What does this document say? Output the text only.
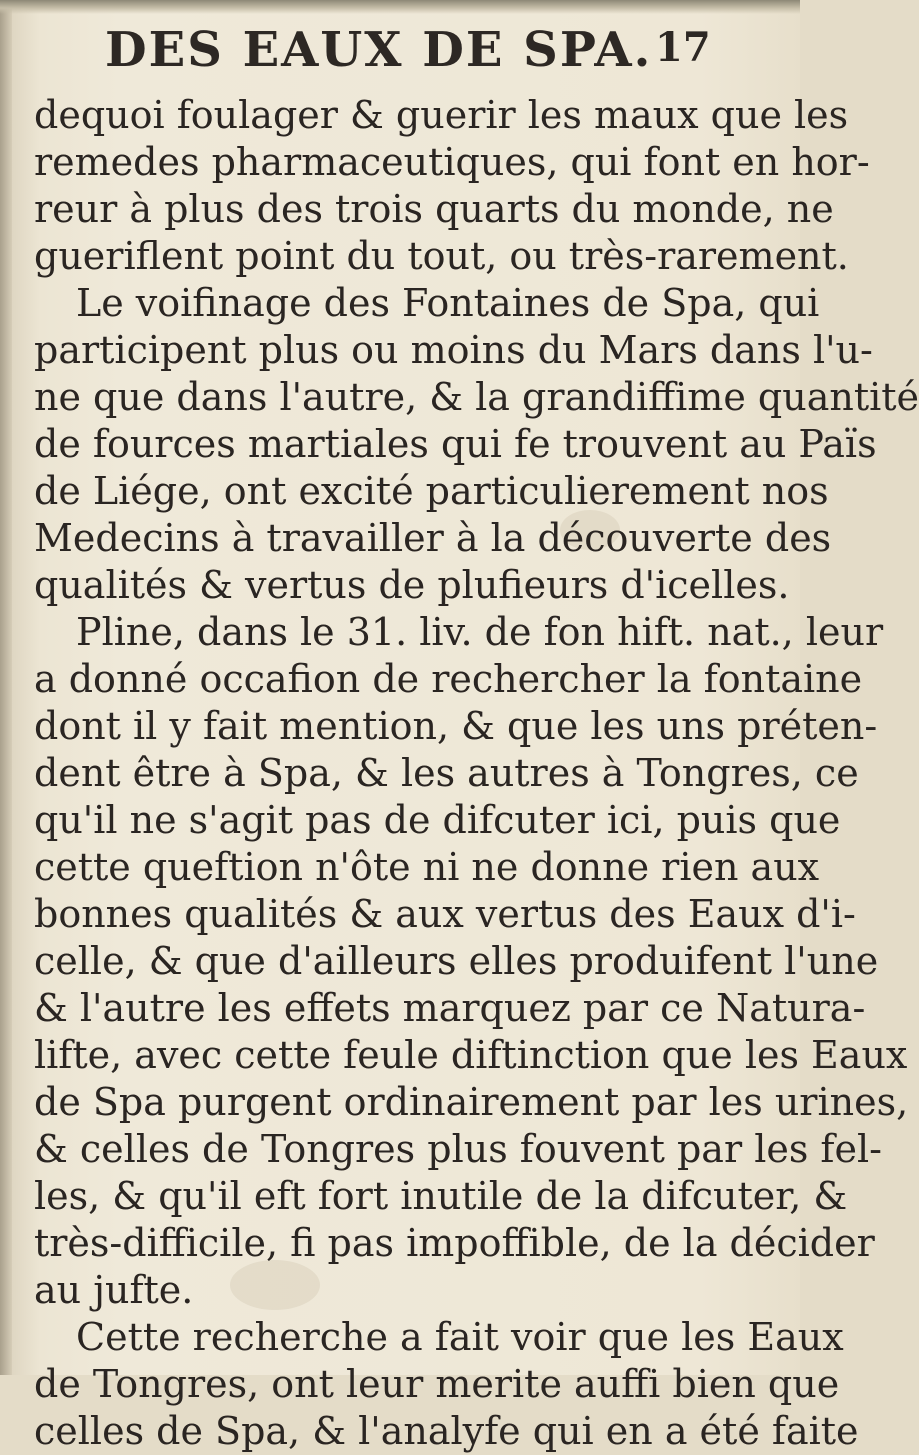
DES EAUX DE SPA. 17
dequoi foulager & guerir les maux que les
remedes pharmaceutiques, qui font en hor-
reur à plus des trois quarts du monde, ne
gueriflent point du tout, ou très-rarement.
Le voifinage des Fontaines de Spa, qui
participent plus ou moins du Mars dans l'u-
ne que dans l'autre, & la grandiffime quantité
de fources martiales qui fe trouvent au Païs
de Liége, ont excité particulierement nos
Medecins à travailler à la découverte des
qualités & vertus de plufieurs d'icelles.
Pline, dans le 31. liv. de fon hift. nat., leur
a donné occafion de rechercher la fontaine
dont il y fait mention, & que les uns préten-
dent être à Spa, & les autres à Tongres, ce
qu'il ne s'agit pas de difcuter ici, puis que
cette queftion n'ôte ni ne donne rien aux
bonnes qualités & aux vertus des Eaux d'i-
celle, & que d'ailleurs elles produifent l'une
& l'autre les effets marquez par ce Natura-
lifte, avec cette feule diftinction que les Eaux
de Spa purgent ordinairement par les urines,
& celles de Tongres plus fouvent par les fel-
les, & qu'il eft fort inutile de la difcuter, &
très-difficile, fi pas impoffible, de la décider
au jufte.
Cette recherche a fait voir que les Eaux
de Tongres, ont leur merite auffi bien que
celles de Spa, & l'analyfe qui en a été faite
